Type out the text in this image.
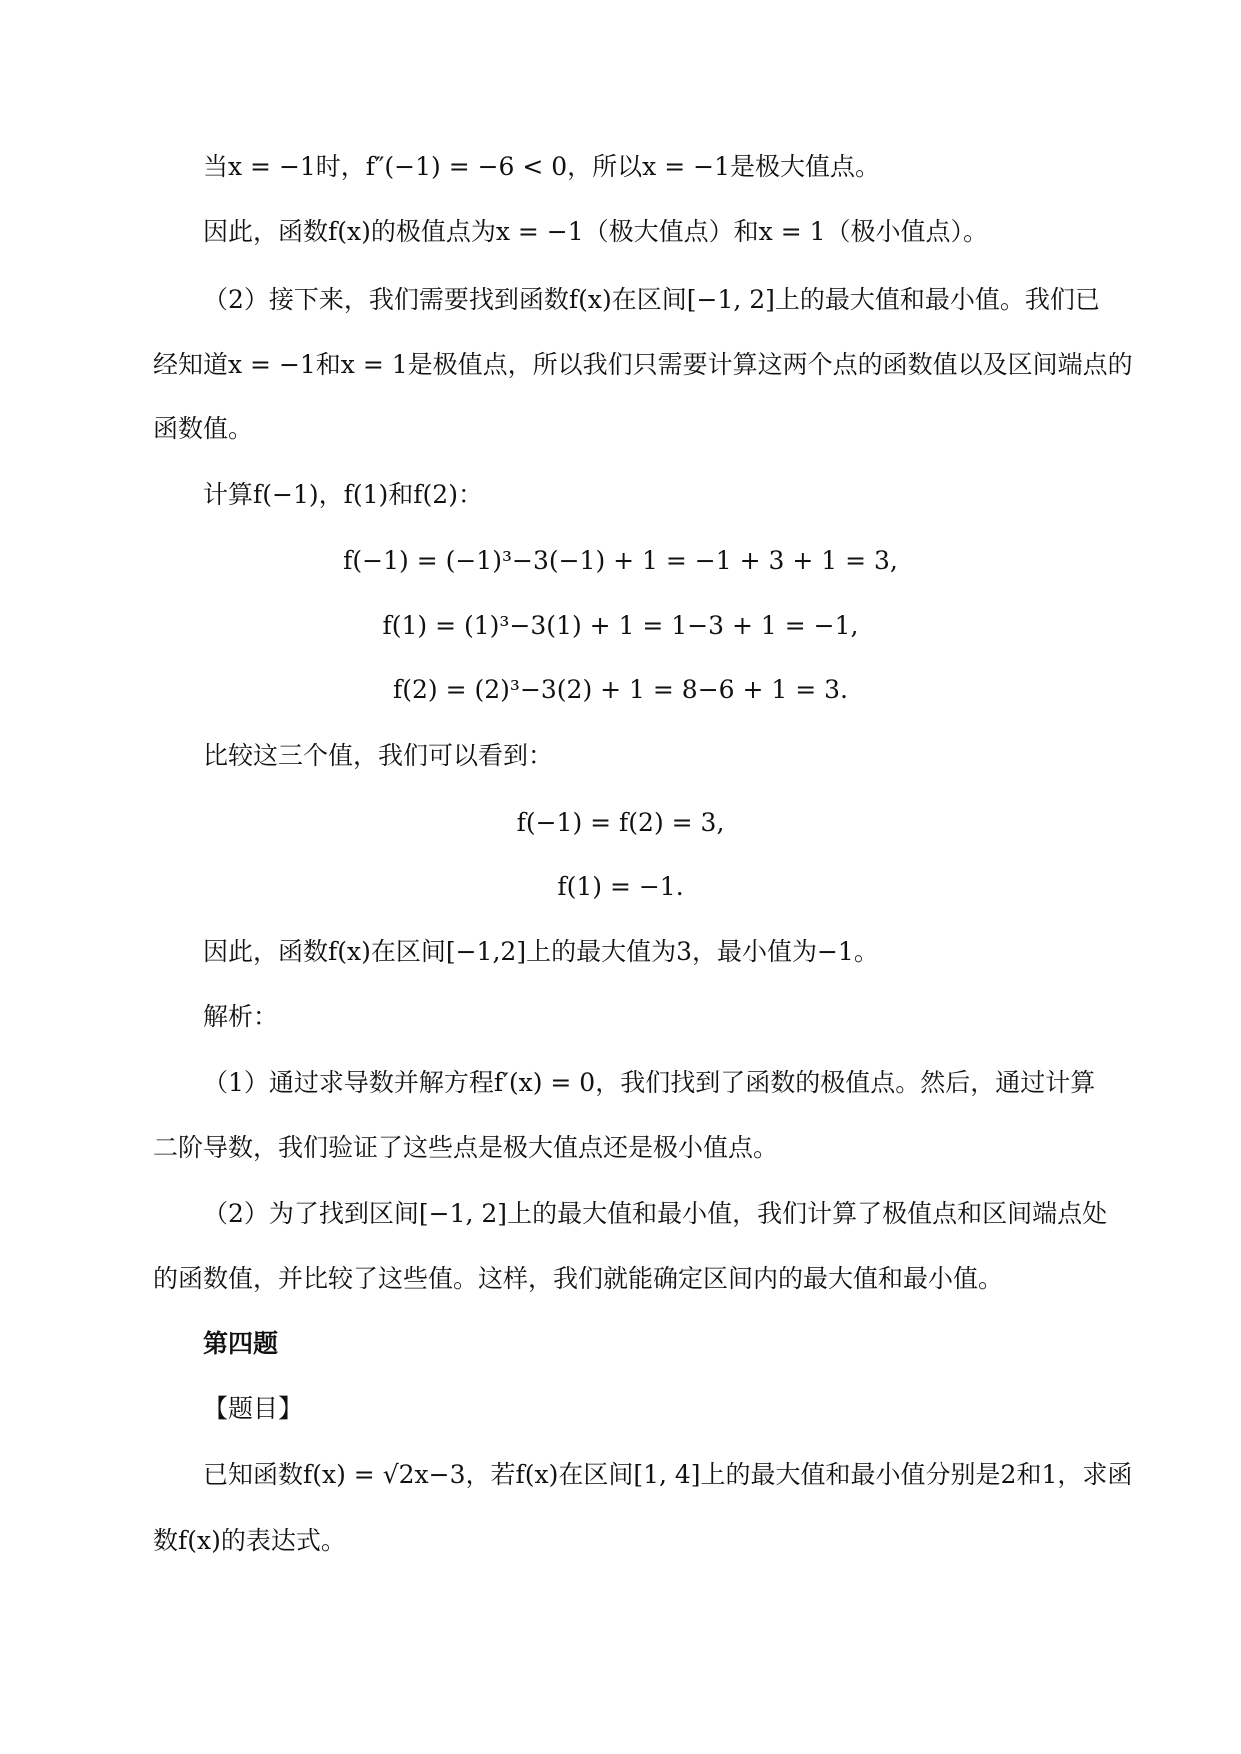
当x = −1时，f″(−1) = −6 < 0，所以x = −1是极大值点。
因此，函数f(x)的极值点为x = −1（极大值点）和x = 1（极小值点）。
（2）接下来，我们需要找到函数f(x)在区间[−1, 2]上的最大值和最小值。我们已
经知道x = −1和x = 1是极值点，所以我们只需要计算这两个点的函数值以及区间端点的
函数值。
计算f(−1)，f(1)和f(2)：
f(−1) = (−1)³−3(−1) + 1 = −1 + 3 + 1 = 3,
f(1) = (1)³−3(1) + 1 = 1−3 + 1 = −1,
f(2) = (2)³−3(2) + 1 = 8−6 + 1 = 3.
比较这三个值，我们可以看到：
f(−1) = f(2) = 3,
f(1) = −1.
因此，函数f(x)在区间[−1,2]上的最大值为3，最小值为−1。
解析：
（1）通过求导数并解方程f′(x) = 0，我们找到了函数的极值点。然后，通过计算
二阶导数，我们验证了这些点是极大值点还是极小值点。
（2）为了找到区间[−1, 2]上的最大值和最小值，我们计算了极值点和区间端点处
的函数值，并比较了这些值。这样，我们就能确定区间内的最大值和最小值。
第四题
【题目】
已知函数f(x) = √2x−3，若f(x)在区间[1, 4]上的最大值和最小值分别是2和1，求函
数f(x)的表达式。
